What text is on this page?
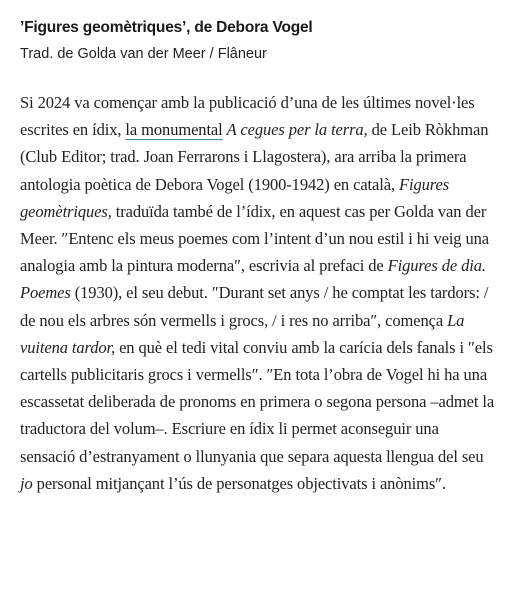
’Figures geomètriques’, de Debora Vogel
Trad. de Golda van der Meer / Flâneur

Si 2024 va començar amb la publicació d’una de les últimes novel·les escrites en ídix, la monumental A cegues per la terra, de Leib Ròkhman (Club Editor; trad. Joan Ferrarons i Llagostera), ara arriba la primera antologia poètica de Debora Vogel (1900-1942) en català, Figures geomètriques, traduïda també de l’ídix, en aquest cas per Golda van der Meer. ″Entenc els meus poemes com l’intent d’un nou estil i hi veig una analogia amb la pintura moderna″, escrivia al prefaci de Figures de dia. Poemes (1930), el seu debut. ″Durant set anys / he comptat les tardors: / de nou els arbres són vermells i grocs, / i res no arriba″, comença La vuitena tardor, en què el tedi vital conviu amb la carícia dels fanals i ″els cartells publicitaris grocs i vermells″. ″En tota l’obra de Vogel hi ha una escassetat deliberada de pronoms en primera o segona persona –admet la traductora del volum–. Escriure en ídix li permet aconseguir una sensació d’estranyament o llunyania que separa aquesta llengua del seu jo personal mitjançant l’ús de personatges objectivats i anònims″.
